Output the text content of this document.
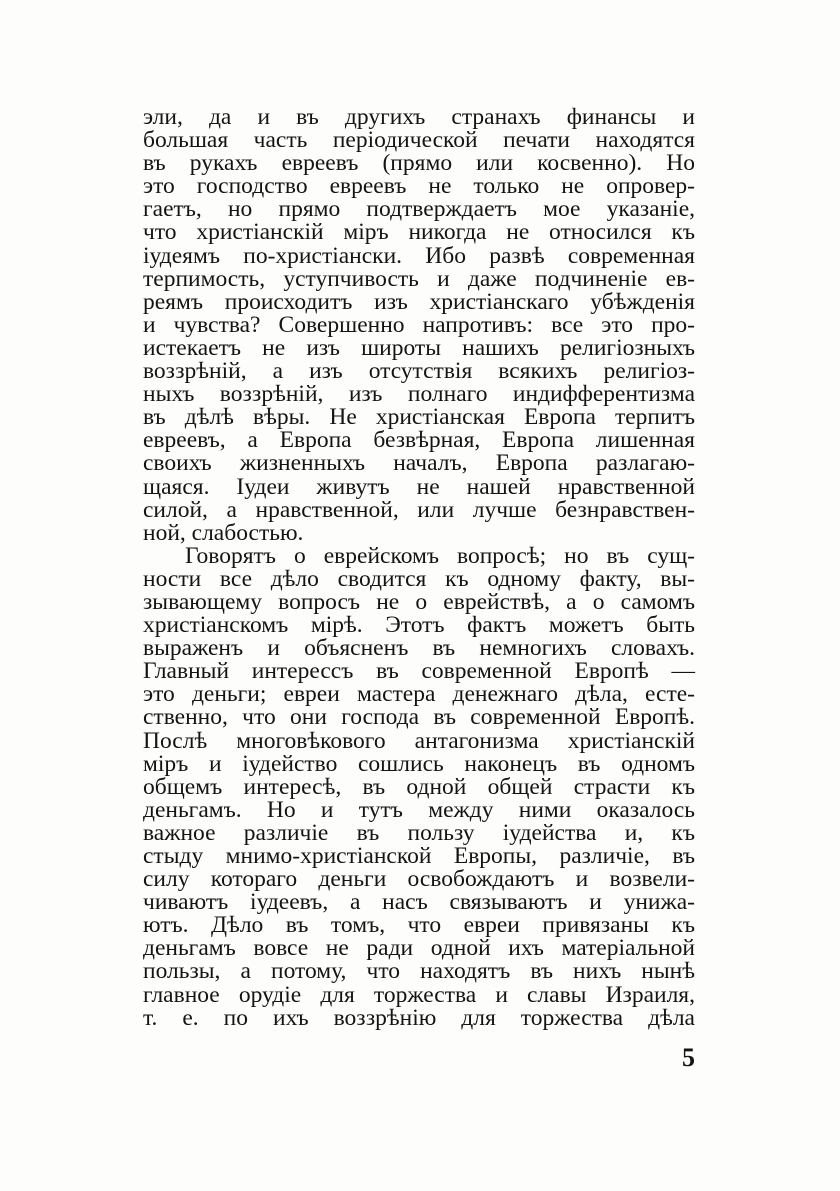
эли, да и въ другихъ странахъ финансы и
большая часть періодической печати находятся
въ рукахъ евреевъ (прямо или косвенно). Но
это господство евреевъ не только не опровер-
гаетъ, но прямо подтверждаетъ мое указаніе,
что христіанскій міръ никогда не относился къ
іудеямъ по-христіански. Ибо развѣ современная
терпимость, уступчивость и даже подчиненіе ев-
реямъ происходитъ изъ христіанскаго убѣжденія
и чувства? Совершенно напротивъ: все это про-
истекаетъ не изъ широты нашихъ религіозныхъ
воззрѣній, а изъ отсутствія всякихъ религіоз-
ныхъ воззрѣній, изъ полнаго индифферентизма
въ дѣлѣ вѣры. Не христіанская Европа терпитъ
евреевъ, а Европа безвѣрная, Европа лишенная
своихъ жизненныхъ началъ, Европа разлагаю-
щаяся. Іудеи живутъ не нашей нравственной
силой, а нравственной, или лучше безнравствен-
ной, слабостью.
Говорятъ о еврейскомъ вопросѣ; но въ сущ-
ности все дѣло сводится къ одному факту, вы-
зывающему вопросъ не о еврействѣ, а о самомъ
христіанскомъ мірѣ. Этотъ фактъ можетъ быть
выраженъ и объясненъ въ немногихъ словахъ.
Главный интерессъ въ современной Европѣ —
это деньги; евреи мастера денежнаго дѣла, есте-
ственно, что они господа въ современной Европѣ.
Послѣ многовѣкового антагонизма христіанскій
міръ и іудейство сошлись наконецъ въ одномъ
общемъ интересѣ, въ одной общей страсти къ
деньгамъ. Но и тутъ между ними оказалось
важное различіе въ пользу іудейства и, къ
стыду мнимо-христіанской Европы, различіе, въ
силу котораго деньги освобождаютъ и возвели-
чиваютъ іудеевъ, а насъ связываютъ и унижа-
ютъ. Дѣло въ томъ, что евреи привязаны къ
деньгамъ вовсе не ради одной ихъ матеріальной
пользы, а потому, что находятъ въ нихъ нынѣ
главное орудіе для торжества и славы Израиля,
т. е. по ихъ воззрѣнію для торжества дѣла
5
